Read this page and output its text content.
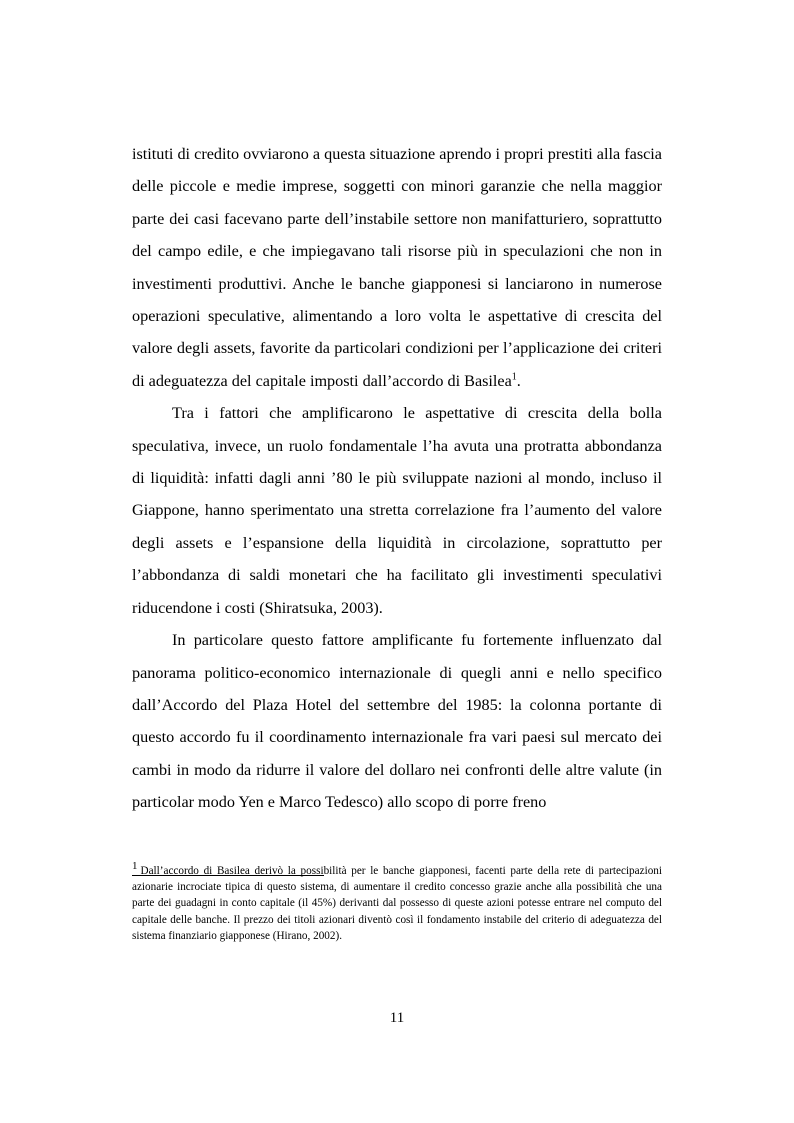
istituti di credito ovviarono a questa situazione aprendo i propri prestiti alla fascia delle piccole e medie imprese, soggetti con minori garanzie che nella maggior parte dei casi facevano parte dell’instabile settore non manifatturiero, soprattutto del campo edile, e che impiegavano tali risorse più in speculazioni che non in investimenti produttivi. Anche le banche giapponesi si lanciarono in numerose operazioni speculative, alimentando a loro volta le aspettative di crescita del valore degli assets, favorite da particolari condizioni per l’applicazione dei criteri di adeguatezza del capitale imposti dall’accordo di Basilea$^1$.

Tra i fattori che amplificarono le aspettative di crescita della bolla speculativa, invece, un ruolo fondamentale l’ha avuta una protratta abbondanza di liquidità: infatti dagli anni ’80 le più sviluppate nazioni al mondo, incluso il Giappone, hanno sperimentato una stretta correlazione fra l’aumento del valore degli assets e l’espansione della liquidità in circolazione, soprattutto per l’abbondanza di saldi monetari che ha facilitato gli investimenti speculativi riducendone i costi (Shiratsuka, 2003).

In particolare questo fattore amplificante fu fortemente influenzato dal panorama politico-economico internazionale di quegli anni e nello specifico dall’Accordo del Plaza Hotel del settembre del 1985: la colonna portante di questo accordo fu il coordinamento internazionale fra vari paesi sul mercato dei cambi in modo da ridurre il valore del dollaro nei confronti delle altre valute (in particolar modo Yen e Marco Tedesco) allo scopo di porre freno

1 Dall’accordo di Basilea derivò la possibilità per le banche giapponesi, facenti parte della rete di partecipazioni azionarie incrociate tipica di questo sistema, di aumentare il credito concesso grazie anche alla possibilità che una parte dei guadagni in conto capitale (il 45%) derivanti dal possesso di queste azioni potesse entrare nel computo del capitale delle banche. Il prezzo dei titoli azionari diventò così il fondamento instabile del criterio di adeguatezza del sistema finanziario giapponese (Hirano, 2002).
11
